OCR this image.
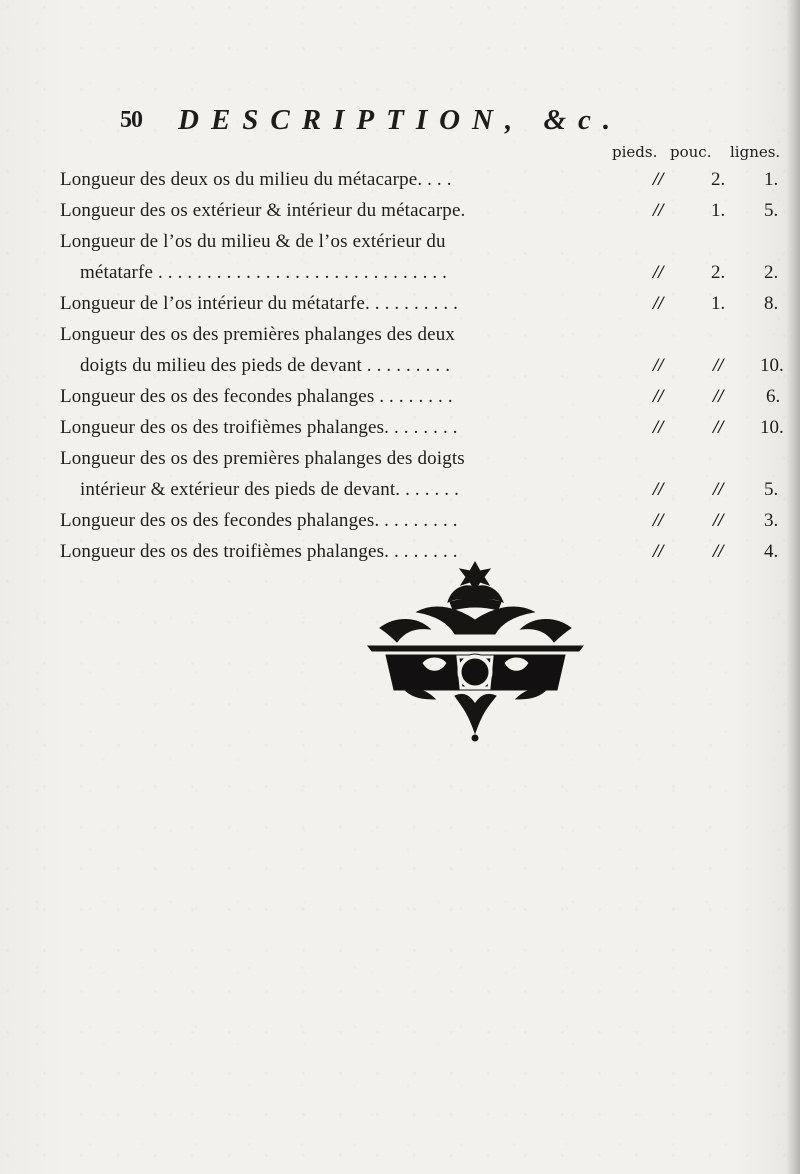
50 DESCRIPTION, &c.
pieds. pouc. lignes.
Longueur des deux os du milieu du métacarpe. . . .	// 2. 1.
Longueur des os extérieur & intérieur du métacarpe.	// 1. 5.
Longueur de l’os du milieu & de l’os extérieur du
métatarfe . . . . . . . . . . . . . . . . . . . . . . . . . . . . . .	// 2. 2.
Longueur de l’os intérieur du métatarfe. . . . . . . . . .	// 1. 8.
Longueur des os des premières phalanges des deux
doigts du milieu des pieds de devant . . . . . . . . .	//	// 10.
Longueur des os des fecondes phalanges . . . . . . . .	//	// 6.
Longueur des os des troifièmes phalanges. . . . . . . .	//	// 10.
Longueur des os des premières phalanges des doigts
intérieur & extérieur des pieds de devant. . . . . . .	//	// 5.
Longueur des os des fecondes phalanges. . . . . . . . .	//	// 3.
Longueur des os des troifièmes phalanges. . . . . . . .	//	// 4.
